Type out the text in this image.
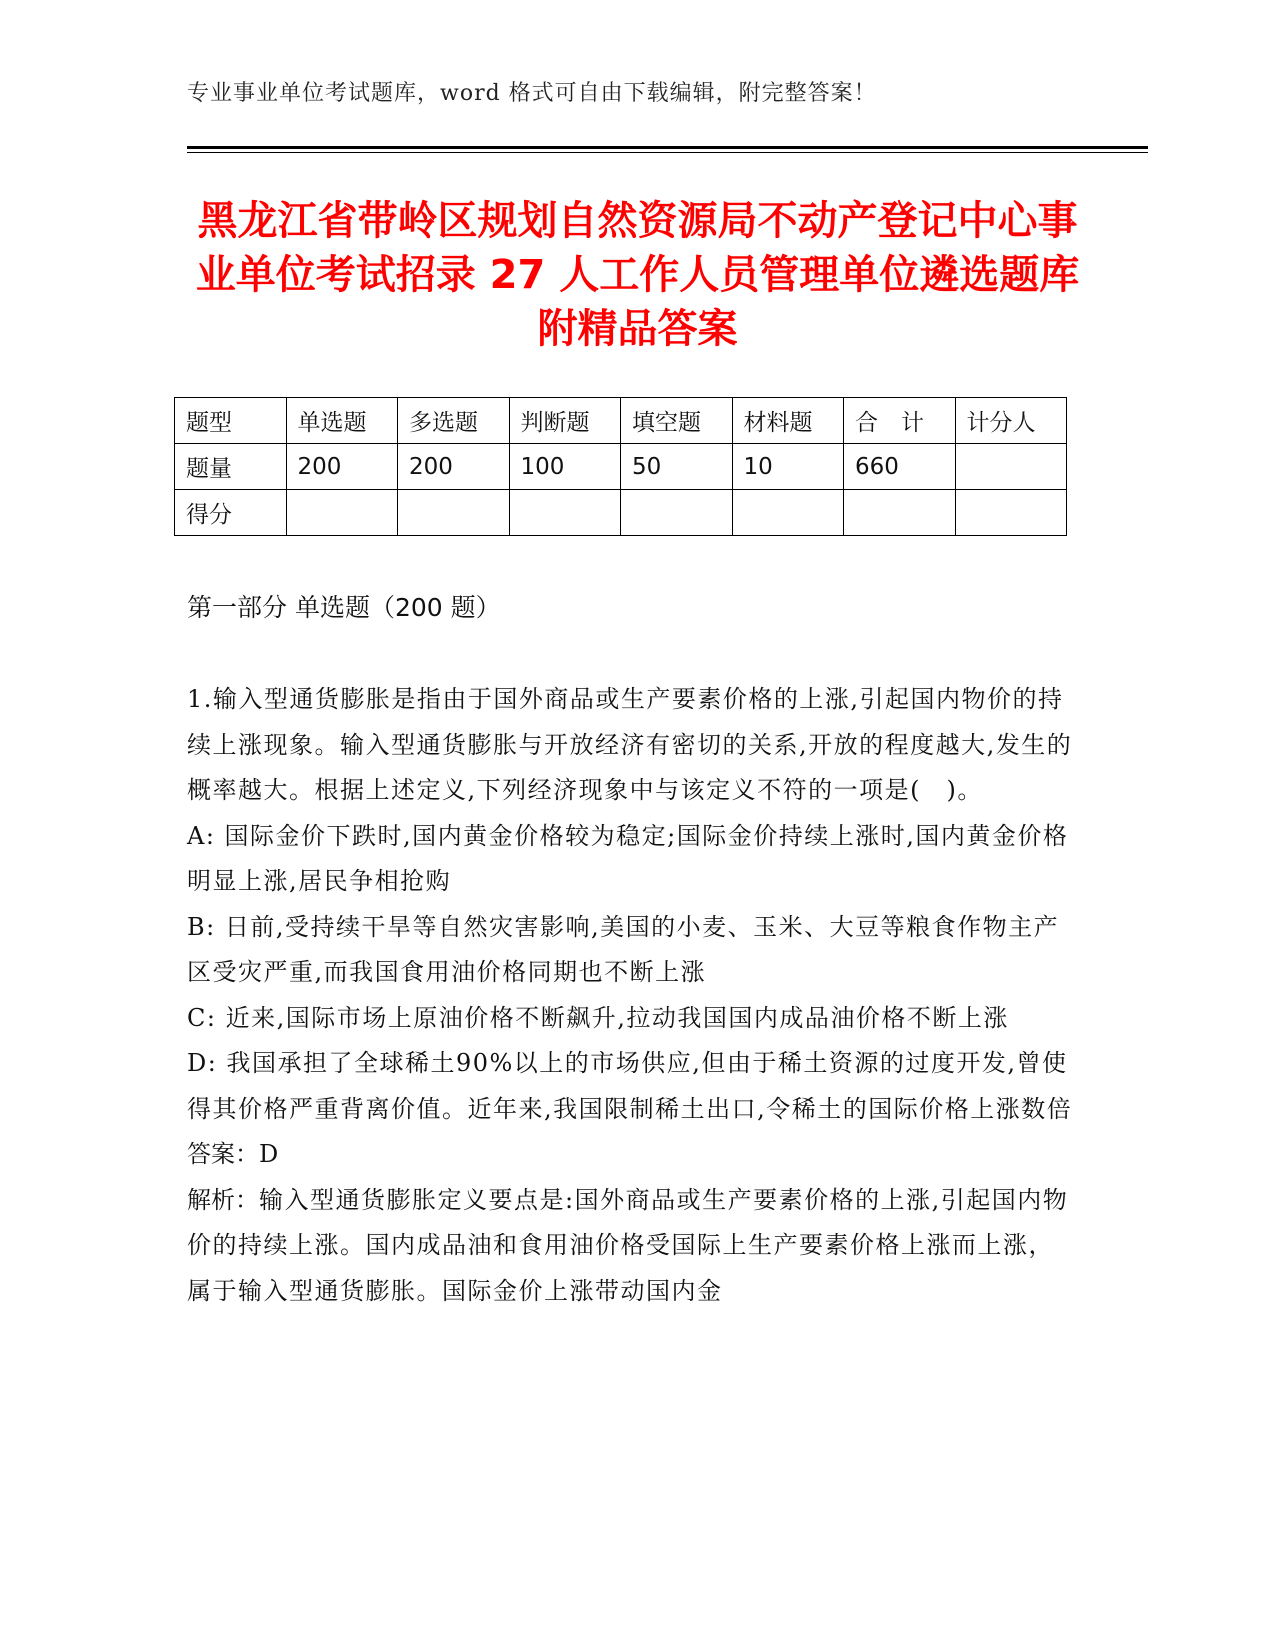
专业事业单位考试题库，word 格式可自由下载编辑，附完整答案！
黑龙江省带岭区规划自然资源局不动产登记中心事业单位考试招录 27 人工作人员管理单位遴选题库附精品答案
题型	单选题	多选题	判断题	填空题	材料题	合　计	计分人
题量	200	200	100	50	10	660	
得分							
第一部分 单选题（200 题）

1.输入型通货膨胀是指由于国外商品或生产要素价格的上涨,引起国内物价的持续上涨现象。输入型通货膨胀与开放经济有密切的关系,开放的程度越大,发生的概率越大。根据上述定义,下列经济现象中与该定义不符的一项是(　)。

A: 国际金价下跌时,国内黄金价格较为稳定;国际金价持续上涨时,国内黄金价格明显上涨,居民争相抢购

B: 日前,受持续干旱等自然灾害影响,美国的小麦、玉米、大豆等粮食作物主产区受灾严重,而我国食用油价格同期也不断上涨

C: 近来,国际市场上原油价格不断飙升,拉动我国国内成品油价格不断上涨

D: 我国承担了全球稀土90%以上的市场供应,但由于稀土资源的过度开发,曾使得其价格严重背离价值。近年来,我国限制稀土出口,令稀土的国际价格上涨数倍

答案：D

解析：输入型通货膨胀定义要点是:国外商品或生产要素价格的上涨,引起国内物价的持续上涨。国内成品油和食用油价格受国际上生产要素价格上涨而上涨，属于输入型通货膨胀。国际金价上涨带动国内金
